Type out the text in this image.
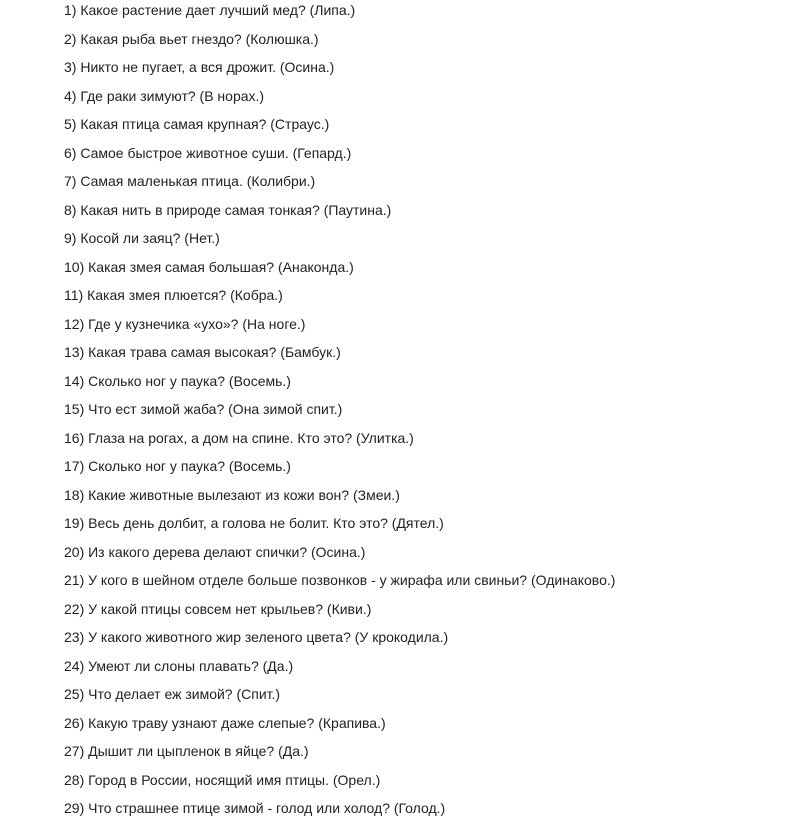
1) Какое растение дает лучший мед? (Липа.)
2) Какая рыба вьет гнездо? (Колюшка.)
3) Никто не пугает, а вся дрожит. (Осина.)
4) Где раки зимуют? (В норах.)
5) Какая птица самая крупная? (Страус.)
6) Самое быстрое животное суши. (Гепард.)
7) Самая маленькая птица. (Колибри.)
8) Какая нить в природе самая тонкая? (Паутина.)
9) Косой ли заяц? (Нет.)
10) Какая змея самая большая? (Анаконда.)
11) Какая змея плюется? (Кобра.)
12) Где у кузнечика «ухо»? (На ноге.)
13) Какая трава самая высокая? (Бамбук.)
14) Сколько ног у паука? (Восемь.)
15) Что ест зимой жаба? (Она зимой спит.)
16) Глаза на рогах, а дом на спине. Кто это? (Улитка.)
17) Сколько ног у паука? (Восемь.)
18) Какие животные вылезают из кожи вон? (Змеи.)
19) Весь день долбит, а голова не болит. Кто это? (Дятел.)
20) Из какого дерева делают спички? (Осина.)
21) У кого в шейном отделе больше позвонков - у жирафа или свиньи? (Одинаково.)
22) У какой птицы совсем нет крыльев? (Киви.)
23) У какого животного жир зеленого цвета? (У крокодила.)
24) Умеют ли слоны плавать? (Да.)
25) Что делает еж зимой? (Спит.)
26) Какую траву узнают даже слепые? (Крапива.)
27) Дышит ли цыпленок в яйце? (Да.)
28) Город в России, носящий имя птицы. (Орел.)
29) Что страшнее птице зимой - голод или холод? (Голод.)
